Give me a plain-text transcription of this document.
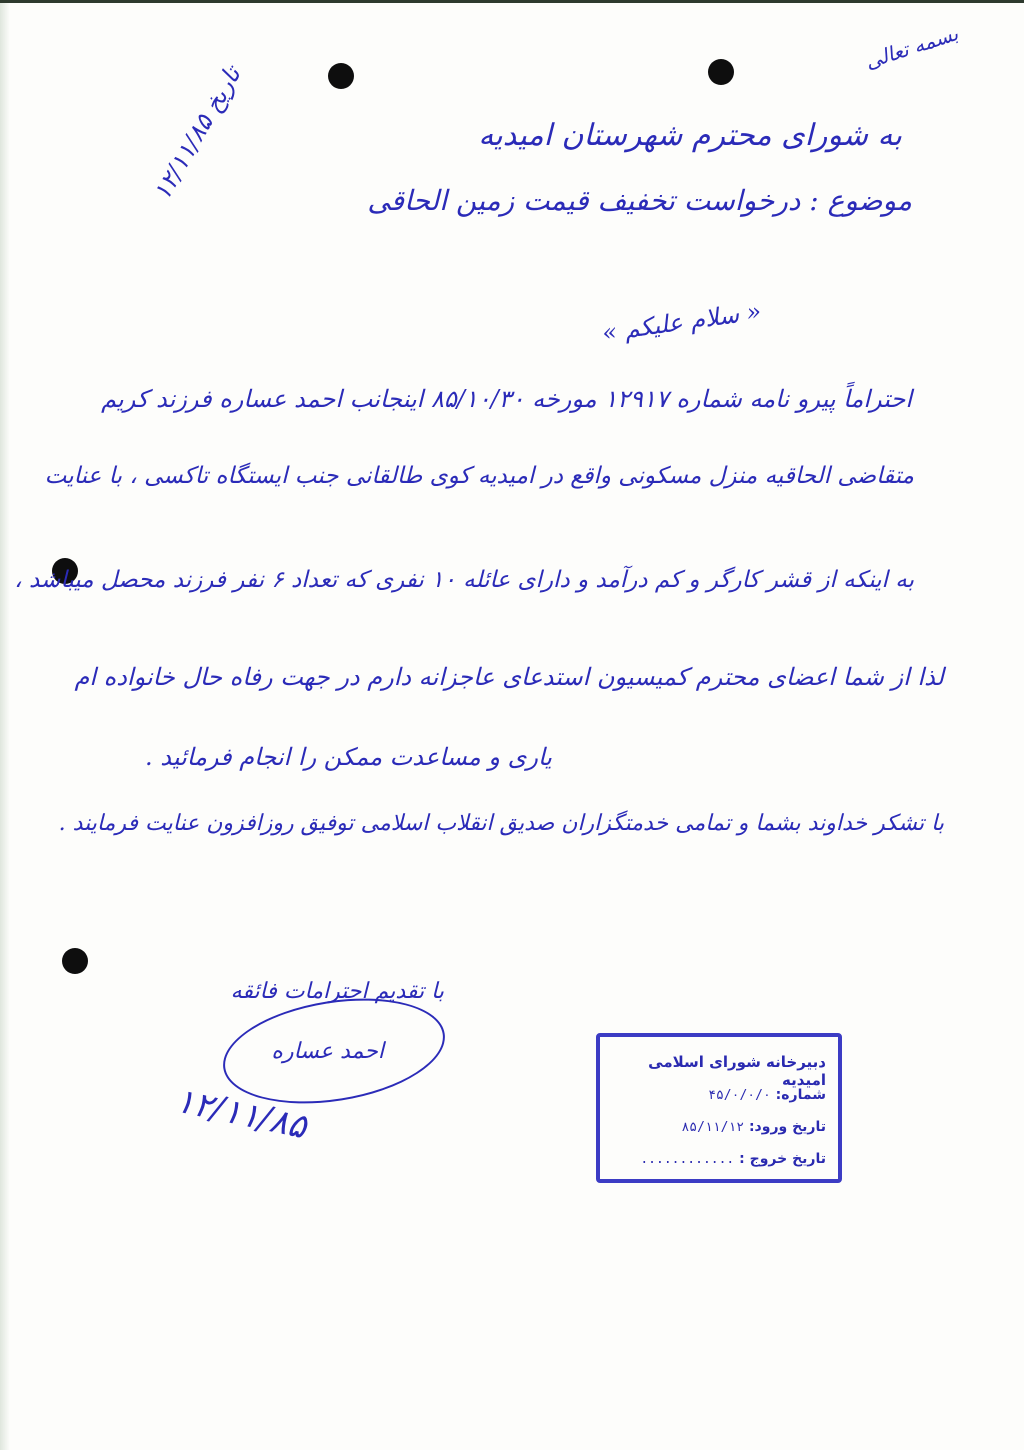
بسمه تعالی
تاریخ ۱۲/۱۱/۸۵
به شورای محترم شهرستان امیدیه
موضوع : درخواست تخفیف قیمت زمین الحاقی
« سلام علیکم »
احتراماً پیرو نامه شماره ۱۲۹۱۷ مورخه ۸۵/۱۰/۳۰ اینجانب احمد عساره فرزند کریم
متقاضی الحاقیه منزل مسکونی واقع در امیدیه کوی طالقانی جنب ایستگاه تاکسی ، با عنایت
به اینکه از قشر کارگر و کم درآمد و دارای عائله ۱۰ نفری که تعداد ۶ نفر فرزند محصل میباشد ،
لذا از شما اعضای محترم کمیسیون استدعای عاجزانه دارم در جهت رفاه حال خانواده ام
یاری و مساعدت ممکن را انجام فرمائید .
با تشکر خداوند بشما و تمامی خدمتگزاران صدیق انقلاب اسلامی توفیق روزافزون عنایت فرمایند .
با تقدیم احترامات فائقه
احمد عساره
۱۲/۱۱/۸۵
دبیرخانه شورای اسلامی امیدیه
شماره: ۴۵/۰/۰/۰
تاریخ ورود: ۸۵/۱۱/۱۲
تاریخ خروج : ............
